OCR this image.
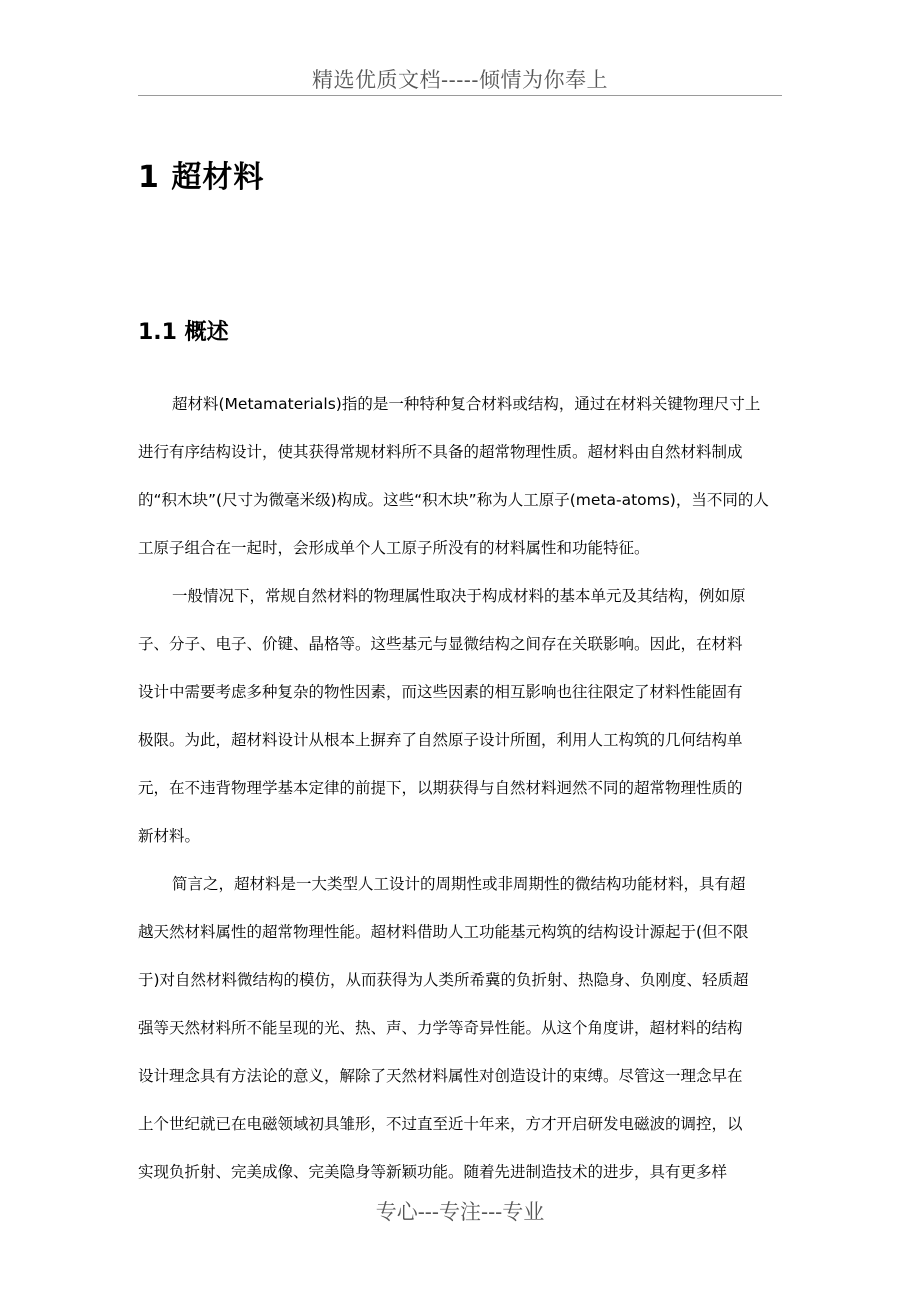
精选优质文档-----倾情为你奉上
1 超材料
1.1 概述
超材料(Metamaterials)指的是一种特种复合材料或结构，通过在材料关键物理尺寸上
进行有序结构设计，使其获得常规材料所不具备的超常物理性质。超材料由自然材料制成
的“积木块”(尺寸为微毫米级)构成。这些“积木块”称为人工原子(meta-atoms)，当不同的人
工原子组合在一起时，会形成单个人工原子所没有的材料属性和功能特征。
一般情况下，常规自然材料的物理属性取决于构成材料的基本单元及其结构，例如原
子、分子、电子、价键、晶格等。这些基元与显微结构之间存在关联影响。因此，在材料
设计中需要考虑多种复杂的物性因素，而这些因素的相互影响也往往限定了材料性能固有
极限。为此，超材料设计从根本上摒弃了自然原子设计所囿，利用人工构筑的几何结构单
元，在不违背物理学基本定律的前提下，以期获得与自然材料迥然不同的超常物理性质的
新材料。
简言之，超材料是一大类型人工设计的周期性或非周期性的微结构功能材料，具有超
越天然材料属性的超常物理性能。超材料借助人工功能基元构筑的结构设计源起于(但不限
于)对自然材料微结构的模仿，从而获得为人类所希冀的负折射、热隐身、负刚度、轻质超
强等天然材料所不能呈现的光、热、声、力学等奇异性能。从这个角度讲，超材料的结构
设计理念具有方法论的意义，解除了天然材料属性对创造设计的束缚。尽管这一理念早在
上个世纪就已在电磁领域初具雏形，不过直至近十年来，方才开启研发电磁波的调控，以
实现负折射、完美成像、完美隐身等新颖功能。随着先进制造技术的进步，具有更多样
专心---专注---专业
